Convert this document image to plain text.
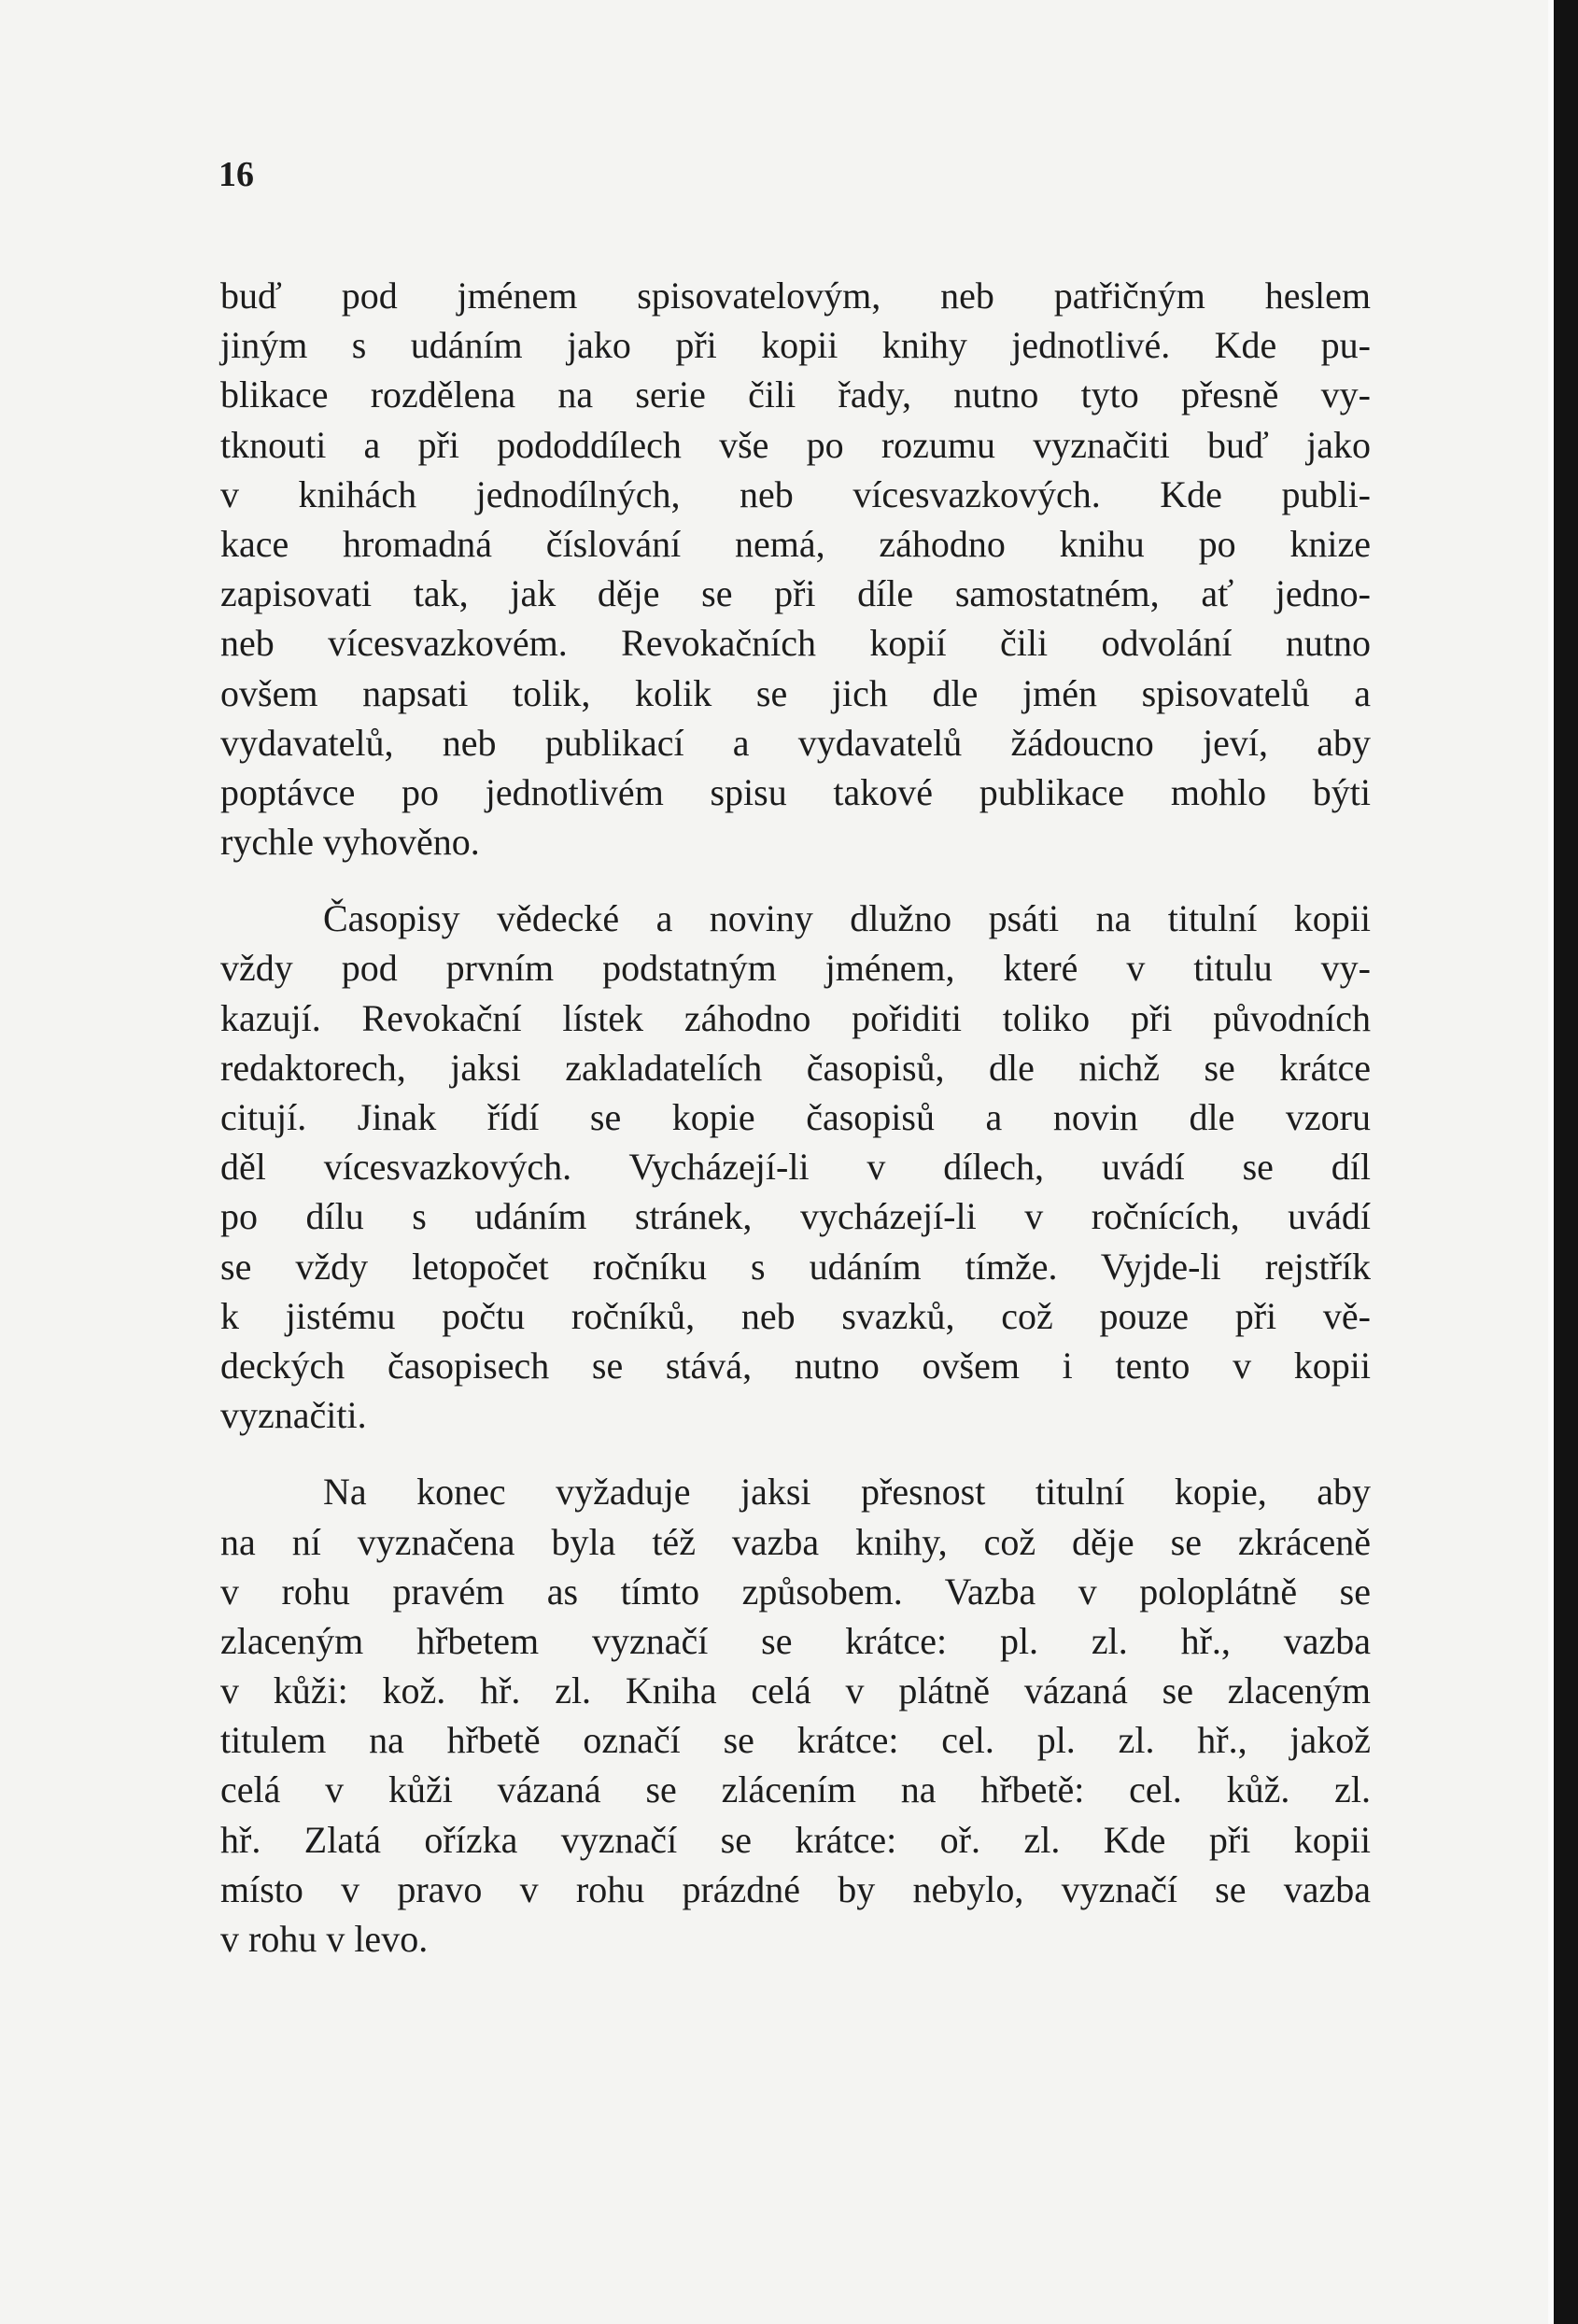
16

buď pod jménem spisovatelovým, neb patřičným heslem
jiným s udáním jako při kopii knihy jednotlivé. Kde pu-
blikace rozdělena na serie čili řady, nutno tyto přesně vy-
tknouti a při pododdílech vše po rozumu vyznačiti buď jako
v knihách jednodílných, neb vícesvazkových. Kde publi-
kace hromadná číslování nemá, záhodno knihu po knize
zapisovati tak, jak děje se při díle samostatném, ať jedno-
neb vícesvazkovém. Revokačních kopií čili odvolání nutno
ovšem napsati tolik, kolik se jich dle jmén spisovatelů a
vydavatelů, neb publikací a vydavatelů žádoucno jeví, aby
poptávce po jednotlivém spisu takové publikace mohlo býti
rychle vyhověno.

Časopisy vědecké a noviny dlužno psáti na titulní kopii
vždy pod prvním podstatným jménem, které v titulu vy-
kazují. Revokační lístek záhodno pořiditi toliko při původních
redaktorech, jaksi zakladatelích časopisů, dle nichž se krátce
citují. Jinak řídí se kopie časopisů a novin dle vzoru
děl vícesvazkových. Vycházejí-li v dílech, uvádí se díl
po dílu s udáním stránek, vycházejí-li v ročnících, uvádí
se vždy letopočet ročníku s udáním tímže. Vyjde-li rejstřík
k jistému počtu ročníků, neb svazků, což pouze při vě-
deckých časopisech se stává, nutno ovšem i tento v kopii
vyznačiti.

Na konec vyžaduje jaksi přesnost titulní kopie, aby
na ní vyznačena byla též vazba knihy, což děje se zkráceně
v rohu pravém as tímto způsobem. Vazba v poloplátně se
zlaceným hřbetem vyznačí se krátce: pl. zl. hř., vazba
v kůži: kož. hř. zl. Kniha celá v plátně vázaná se zlaceným
titulem na hřbetě označí se krátce: cel. pl. zl. hř., jakož
celá v kůži vázaná se zlácením na hřbetě: cel. kůž. zl.
hř. Zlatá ořízka vyznačí se krátce: oř. zl. Kde při kopii
místo v pravo v rohu prázdné by nebylo, vyznačí se vazba
v rohu v levo.
